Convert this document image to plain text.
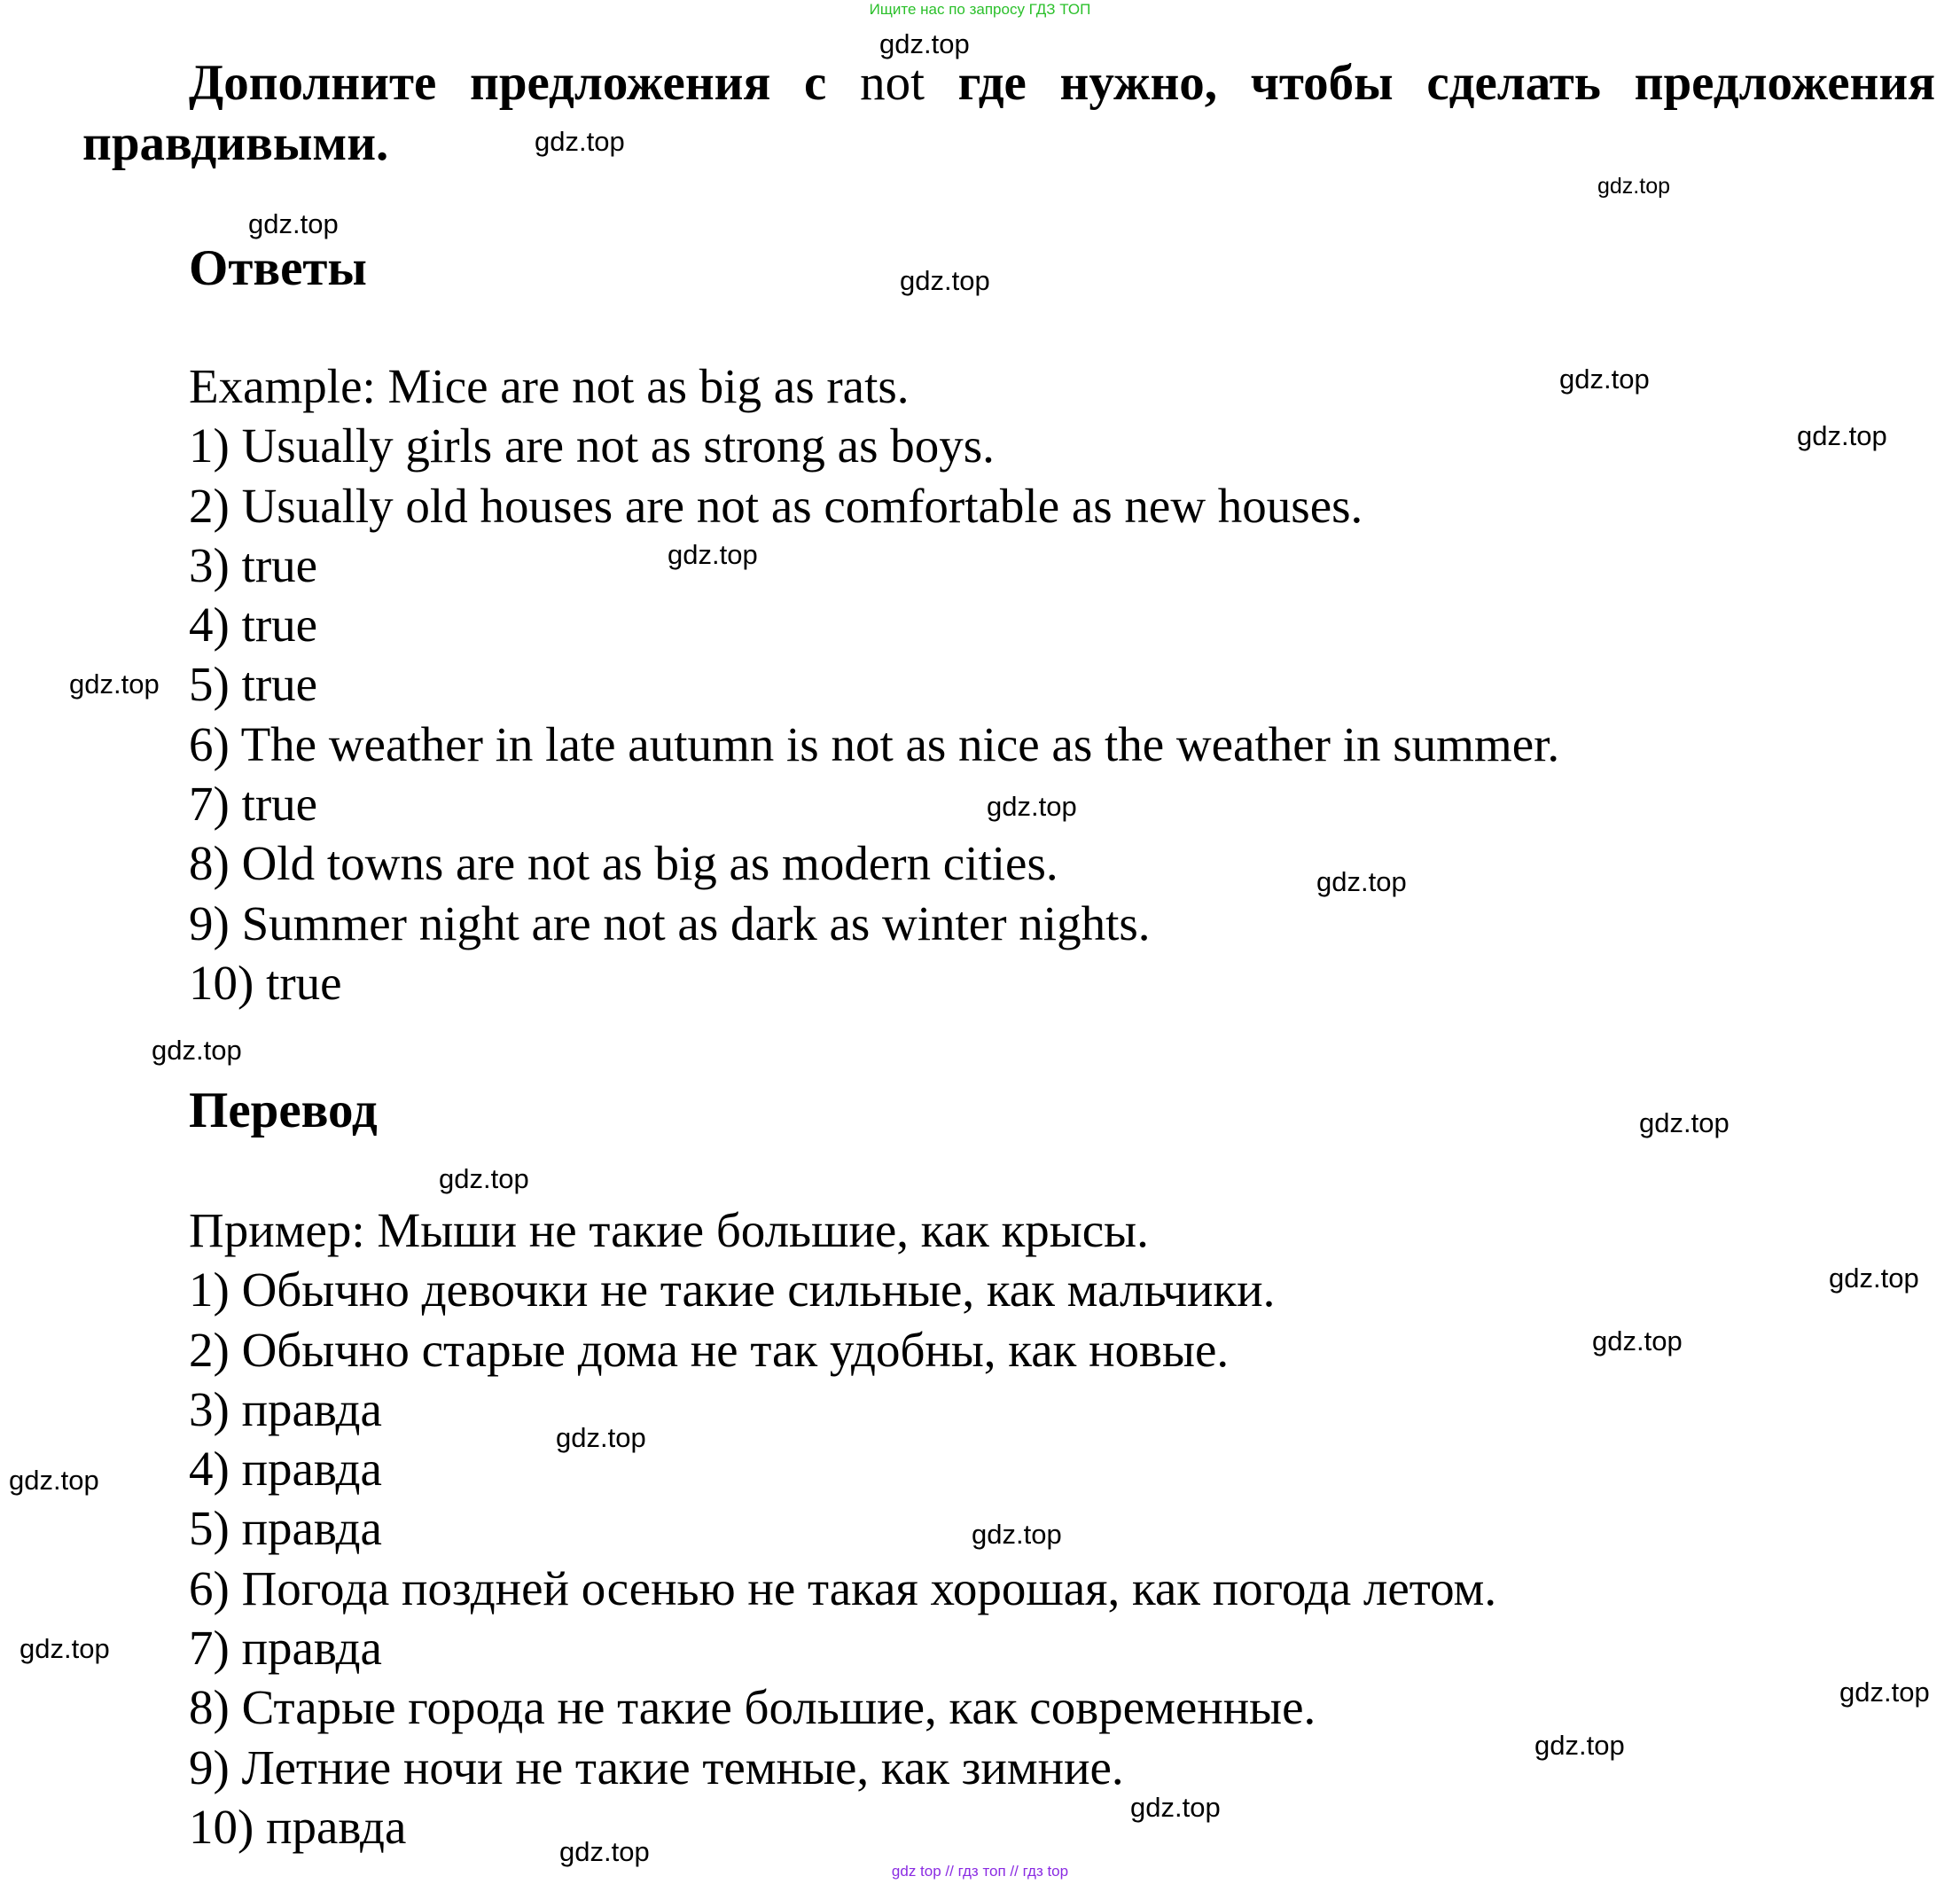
Ищите нас по запросу ГДЗ ТОП
Дополните предложения с not где нужно, чтобы сделать предложения
правдивыми.
Ответы
Example: Mice are not as big as rats.
1) Usually girls are not as strong as boys.
2) Usually old houses are not as comfortable as new houses.
3) true
4) true
5) true
6) The weather in late autumn is not as nice as the weather in summer.
7) true
8) Old towns are not as big as modern cities.
9) Summer night are not as dark as winter nights.
10) true
Перевод
Пример: Мыши не такие большие, как крысы.
1) Обычно девочки не такие сильные, как мальчики.
2) Обычно старые дома не так удобны, как новые.
3) правда
4) правда
5) правда
6) Погода поздней осенью не такая хорошая, как погода летом.
7) правда
8) Старые города не такие большие, как современные.
9) Летние ночи не такие темные, как зимние.
10) правда
gdz.top
gdz.top
gdz.top
gdz.top
gdz.top
gdz.top
gdz.top
gdz.top
gdz.top
gdz.top
gdz.top
gdz.top
gdz.top
gdz.top
gdz.top
gdz.top
gdz.top
gdz.top
gdz.top
gdz.top
gdz.top
gdz.top
gdz.top
gdz.top
gdz top // гдз топ // гдз top
